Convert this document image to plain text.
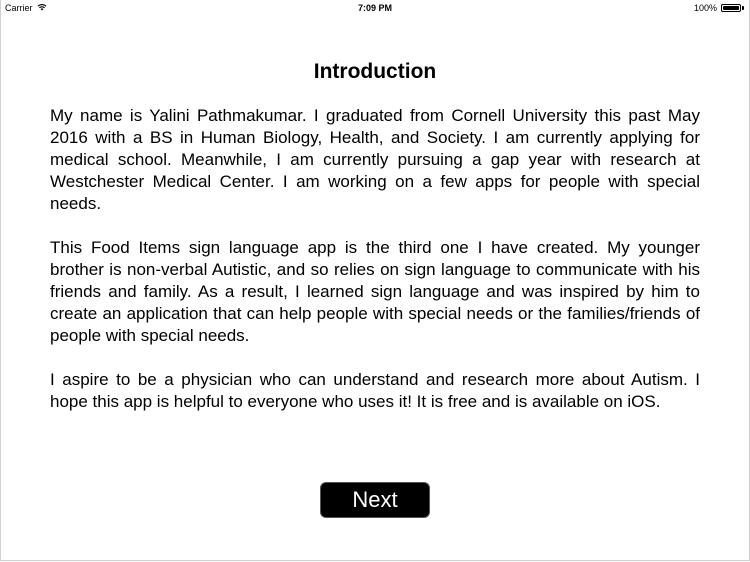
Carrier	7:09 PM	100%
Introduction

My name is Yalini Pathmakumar. I graduated from Cornell University this past May 2016 with a BS in Human Biology, Health, and Society. I am currently applying for medical school. Meanwhile, I am currently pursuing a gap year with research at Westchester Medical Center. I am working on a few apps for people with special needs.

This Food Items sign language app is the third one I have created. My younger brother is non-verbal Autistic, and so relies on sign language to communicate with his friends and family. As a result, I learned sign language and was inspired by him to create an application that can help people with special needs or the families/friends of people with special needs.

I aspire to be a physician who can understand and research more about Autism. I hope this app is helpful to everyone who uses it! It is free and is available on iOS.

Next
